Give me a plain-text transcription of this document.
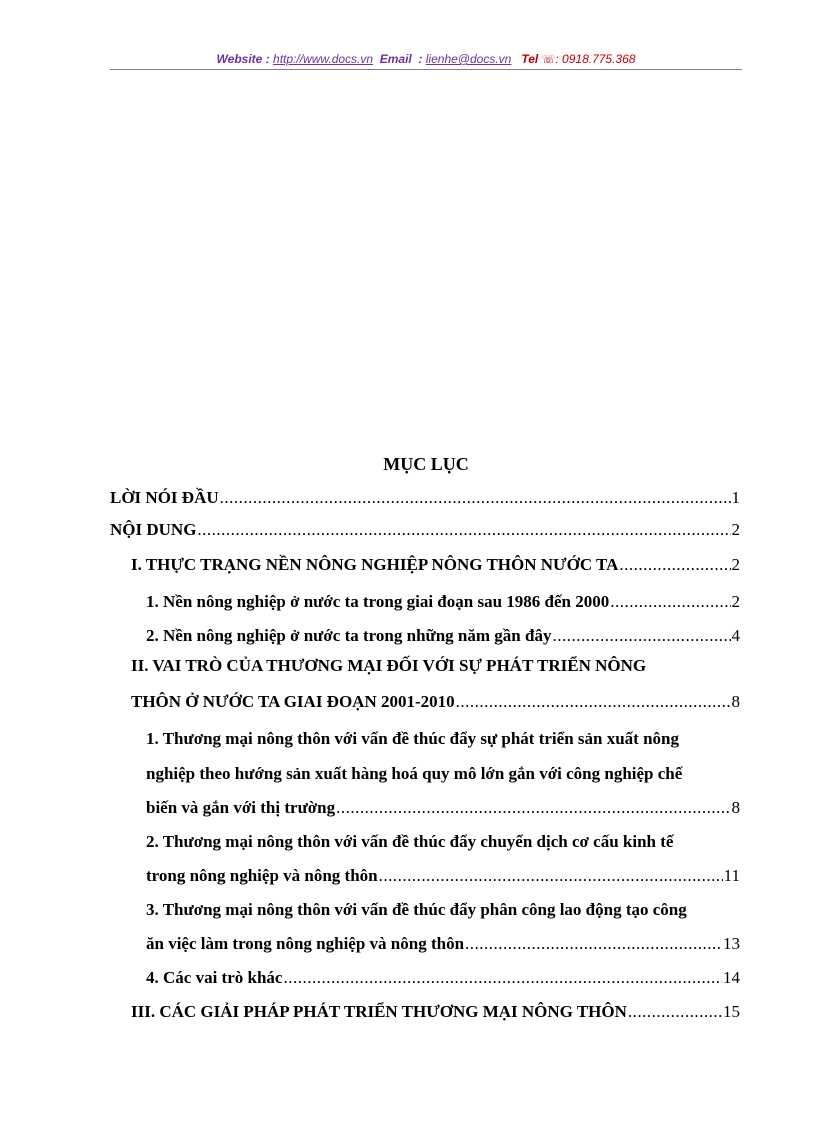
Website : http://www.docs.vn Email : lienhe@docs.vn Tel ☏: 0918.775.368
MỤC LỤC
LỜI NÓI ĐẦU .....	1
NỘI DUNG .....	2
I. THỰC TRẠNG NỀN NÔNG NGHIỆP NÔNG THÔN NƯỚC TA .....	2
1. Nền nông nghiệp ở nước ta trong giai đoạn sau 1986 đến 2000 .....	2
2. Nền nông nghiệp ở nước ta trong những năm gần đây .....	4
II. VAI TRÒ CỦA THƯƠNG MẠI ĐỐI VỚI SỰ PHÁT TRIỂN NÔNG
THÔN Ở NƯỚC TA GIAI ĐOẠN 2001-2010 .....	8
1. Thương mại nông thôn với vấn đề thúc đẩy sự phát triển sản xuất nông
nghiệp theo hướng sản xuất hàng hoá quy mô lớn gắn với công nghiệp chế
biến và gắn với thị trường .....	8
2. Thương mại nông thôn với vấn đề thúc đẩy chuyển dịch cơ cấu kinh tế
trong nông nghiệp và nông thôn .....	11
3. Thương mại nông thôn với vấn đề thúc đẩy phân công lao động tạo công
ăn việc làm trong nông nghiệp và nông thôn .....	13
4. Các vai trò khác .....	14
III. CÁC GIẢI PHÁP PHÁT TRIỂN THƯƠNG MẠI NÔNG THÔN .....	15
